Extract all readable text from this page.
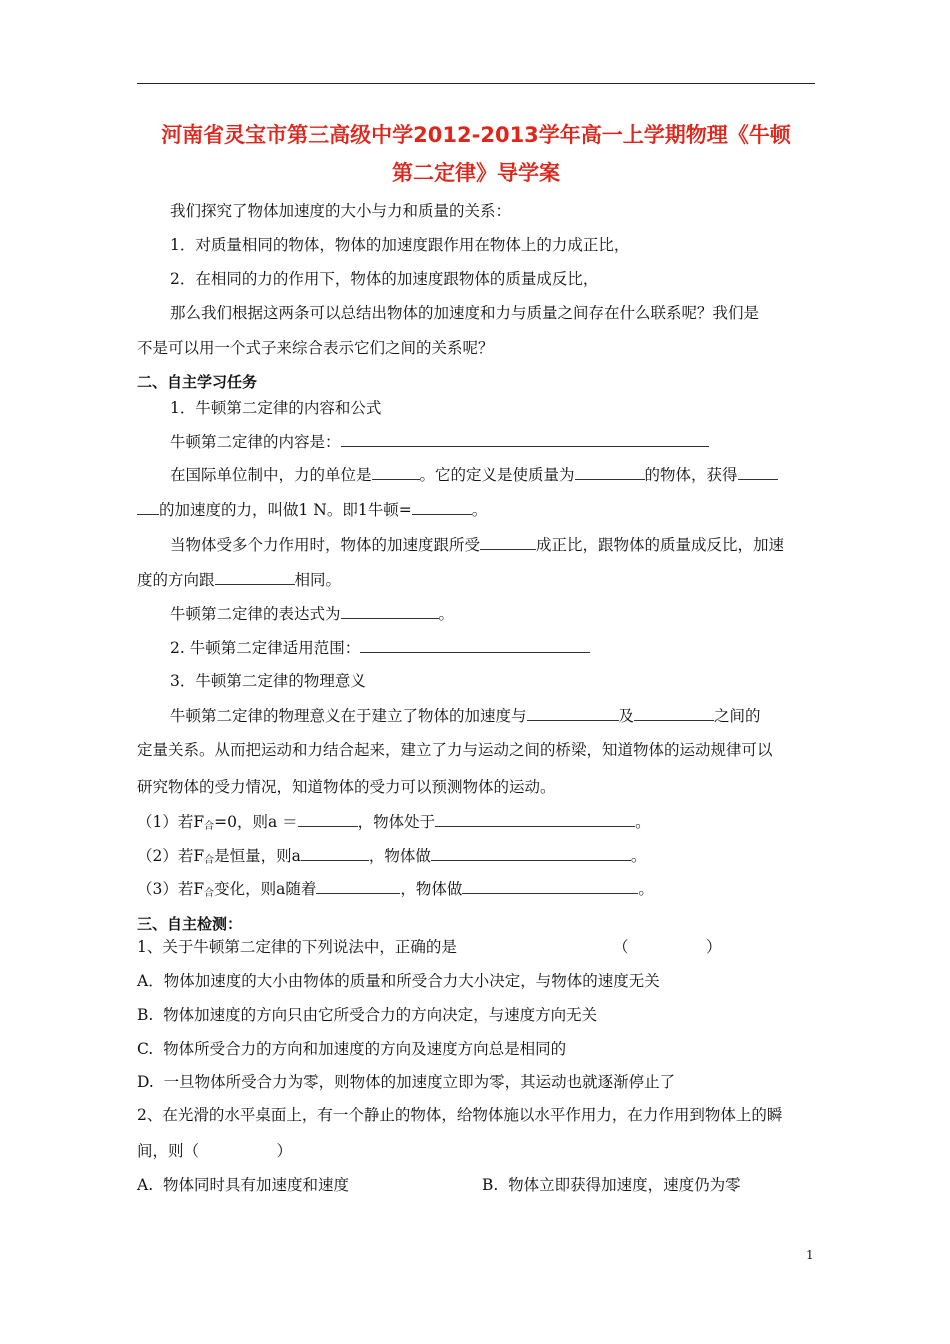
河南省灵宝市第三高级中学2012-2013学年高一上学期物理《牛顿
第二定律》导学案
我们探究了物体加速度的大小与力和质量的关系：
1．对质量相同的物体，物体的加速度跟作用在物体上的力成正比，
2．在相同的力的作用下，物体的加速度跟物体的质量成反比，
那么我们根据这两条可以总结出物体的加速度和力与质量之间存在什么联系呢？我们是
不是可以用一个式子来综合表示它们之间的关系呢？
二、自主学习任务
1．牛顿第二定律的内容和公式
牛顿第二定律的内容是：
在国际单位制中，力的单位是	。它的定义是使质量为	的物体，获得
的加速度的力，叫做1 N。即1牛顿=	。
当物体受多个力作用时，物体的加速度跟所受	成正比，跟物体的质量成反比，加速
度的方向跟	相同。
牛顿第二定律的表达式为	。
2. 牛顿第二定律适用范围：
3．牛顿第二定律的物理意义
牛顿第二定律的物理意义在于建立了物体的加速度与	及	之间的
定量关系。从而把运动和力结合起来，建立了力与运动之间的桥梁，知道物体的运动规律可以
研究物体的受力情况，知道物体的受力可以预测物体的运动。
（1）若$F_合=0$，则a ＝	，物体处于	。
（2）若$F_合$是恒量，则a	，物体做	。
（3）若$F_合$变化，则a随着	，物体做	。
三、自主检测：
1、关于牛顿第二定律的下列说法中，正确的是	（　　　　　）
A．物体加速度的大小由物体的质量和所受合力大小决定，与物体的速度无关
B.  物体加速度的方向只由它所受合力的方向决定，与速度方向无关
C.  物体所受合力的方向和加速度的方向及速度方向总是相同的
D.  一旦物体所受合力为零，则物体的加速度立即为零，其运动也就逐渐停止了
2、在光滑的水平桌面上，有一个静止的物体，给物体施以水平作用力，在力作用到物体上的瞬
间，则（　　　　　）
A.  物体同时具有加速度和速度	B.  物体立即获得加速度，速度仍为零
1
